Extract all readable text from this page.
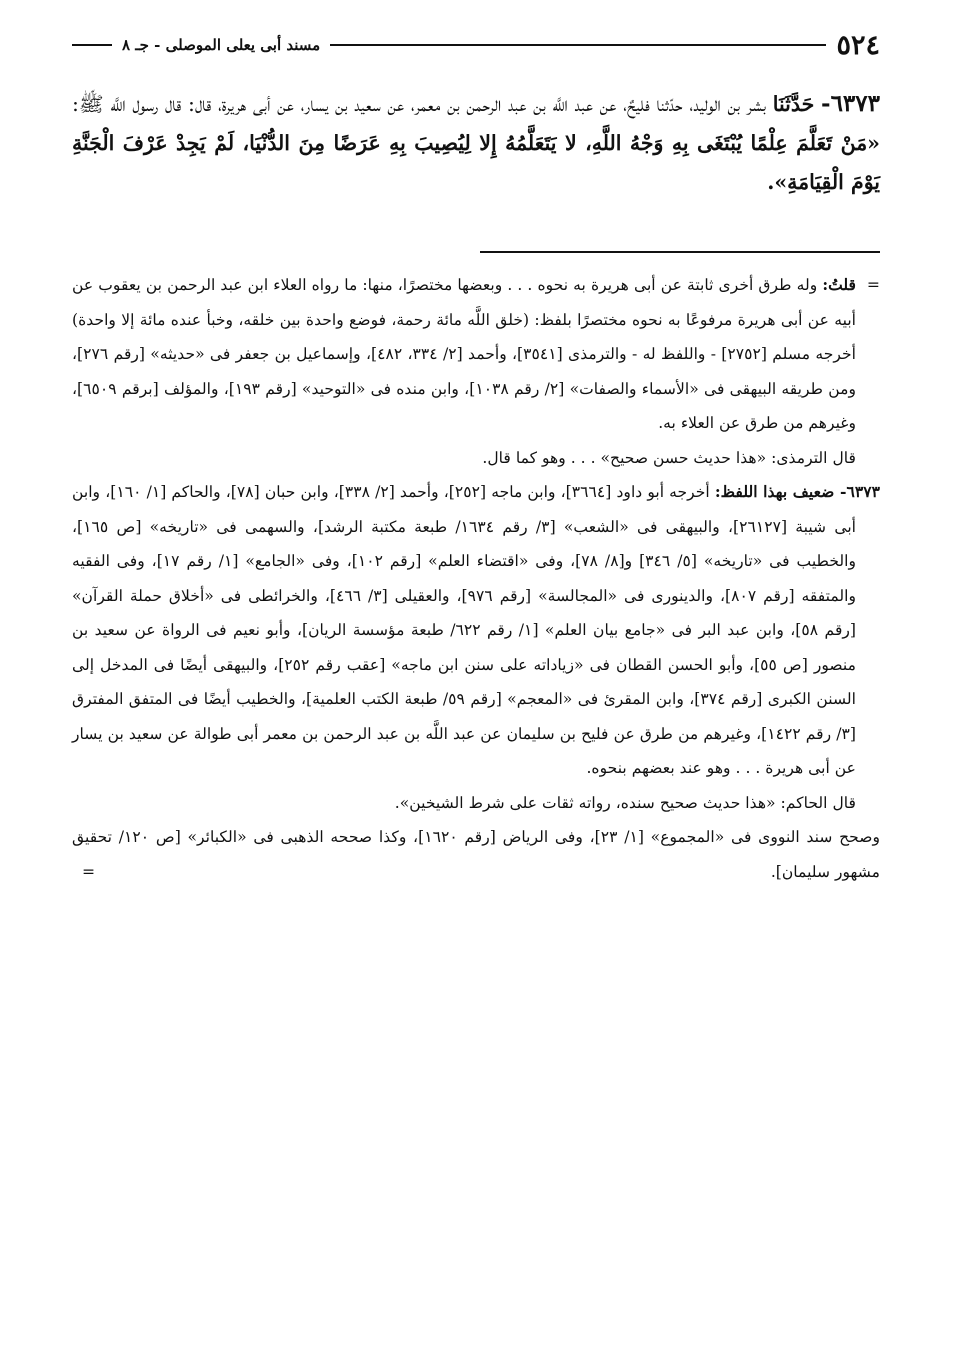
٥٢٤
مسند أبى يعلى الموصلى - جـ ٨
٦٣٧٣- حَدَّثَنَا بشر بن الوليد، حدّثنا فليحٌ، عن عبد اللَّه بن عبد الرحمن بن معمر، عن سعيد بن يسار، عن أبى هريرة، قال: قال رسول اللَّه ﷺ: «مَنْ تَعَلَّمَ عِلْمًا يُبْتَغَى بِهِ وَجْهُ اللَّهِ، لا يَتَعَلَّمُهُ إِلا لِيُصِيبَ بِهِ عَرَضًا مِنَ الدُّنْيَا، لَمْ يَجِدْ عَرْفَ الْجَنَّةِ يَوْمَ الْقِيَامَةِ».

=
قلتُ: وله طرق أخرى ثابتة عن أبى هريرة به نحوه . . . وبعضها مختصرًا، منها: ما رواه العلاء ابن عبد الرحمن بن يعقوب عن أبيه عن أبى هريرة مرفوعًا به نحوه مختصرًا بلفظ: (خلق اللَّه مائة رحمة، فوضع واحدة بين خلقه، وخبأ عنده مائة إلا واحدة) أخرجه مسلم [٢٧٥٢] - واللفظ له - والترمذى [٣٥٤١]، وأحمد [٢/ ٣٣٤، ٤٨٢]، وإسماعيل بن جعفر فى «حديثه» [رقم ٢٧٦]، ومن طريقه البيهقى فى «الأسماء والصفات» [٢/ رقم ١٠٣٨]، وابن منده فى «التوحيد» [رقم ١٩٣]، والمؤلف [برقم ٦٥٠٩]، وغيرهم من طرق عن العلاء به.

قال الترمذى: «هذا حديث حسن صحيح» . . . وهو كما قال.

٦٣٧٣- ضعيف بهذا اللفظ: أخرجه أبو داود [٣٦٦٤]، وابن ماجه [٢٥٢]، وأحمد [٢/ ٣٣٨]، وابن حبان [٧٨]، والحاكم [١/ ١٦٠]، وابن أبى شيبة [٢٦١٢٧]، والبيهقى فى «الشعب» [٣/ رقم ١٦٣٤/ طبعة مكتبة الرشد]، والسهمى فى «تاريخه» [ص ١٦٥]، والخطيب فى «تاريخه» [٥/ ٣٤٦] و[٨/ ٧٨]، وفى «اقتضاء العلم» [رقم ١٠٢]، وفى «الجامع» [١/ رقم ١٧]، وفى الفقيه والمتفقه [رقم ٨٠٧]، والدينورى فى «المجالسة» [رقم ٩٧٦]، والعقيلى [٣/ ٤٦٦]، والخرائطى فى «أخلاق حملة القرآن» [رقم ٥٨]، وابن عبد البر فى «جامع بيان العلم» [١/ رقم ٦٢٢/ طبعة مؤسسة الريان]، وأبو نعيم فى الرواة عن سعيد بن منصور [ص ٥٥]، وأبو الحسن القطان فى «زياداته على سنن ابن ماجه» [عقب رقم ٢٥٢]، والبيهقى أيضًا فى المدخل إلى السنن الكبرى [رقم ٣٧٤]، وابن المقرئ فى «المعجم» [رقم ٥٩/ طبعة الكتب العلمية]، والخطيب أيضًا فى المتفق المفترق [٣/ رقم ١٤٢٢]، وغيرهم من طرق عن فليح بن سليمان عن عبد اللَّه بن عبد الرحمن بن معمر أبى طوالة عن سعيد بن يسار عن أبى هريرة . . . وهو عند بعضهم بنحوه.

قال الحاكم: «هذا حديث صحيح سنده، رواته ثقات على شرط الشيخين».

وصحح سند النووى فى «المجموع» [١/ ٢٣]، وفى الرياض [رقم ١٦٢٠]، وكذا صححه الذهبى فى «الكبائر» [ص ١٢٠/ تحقيق مشهور سليمان].
=
